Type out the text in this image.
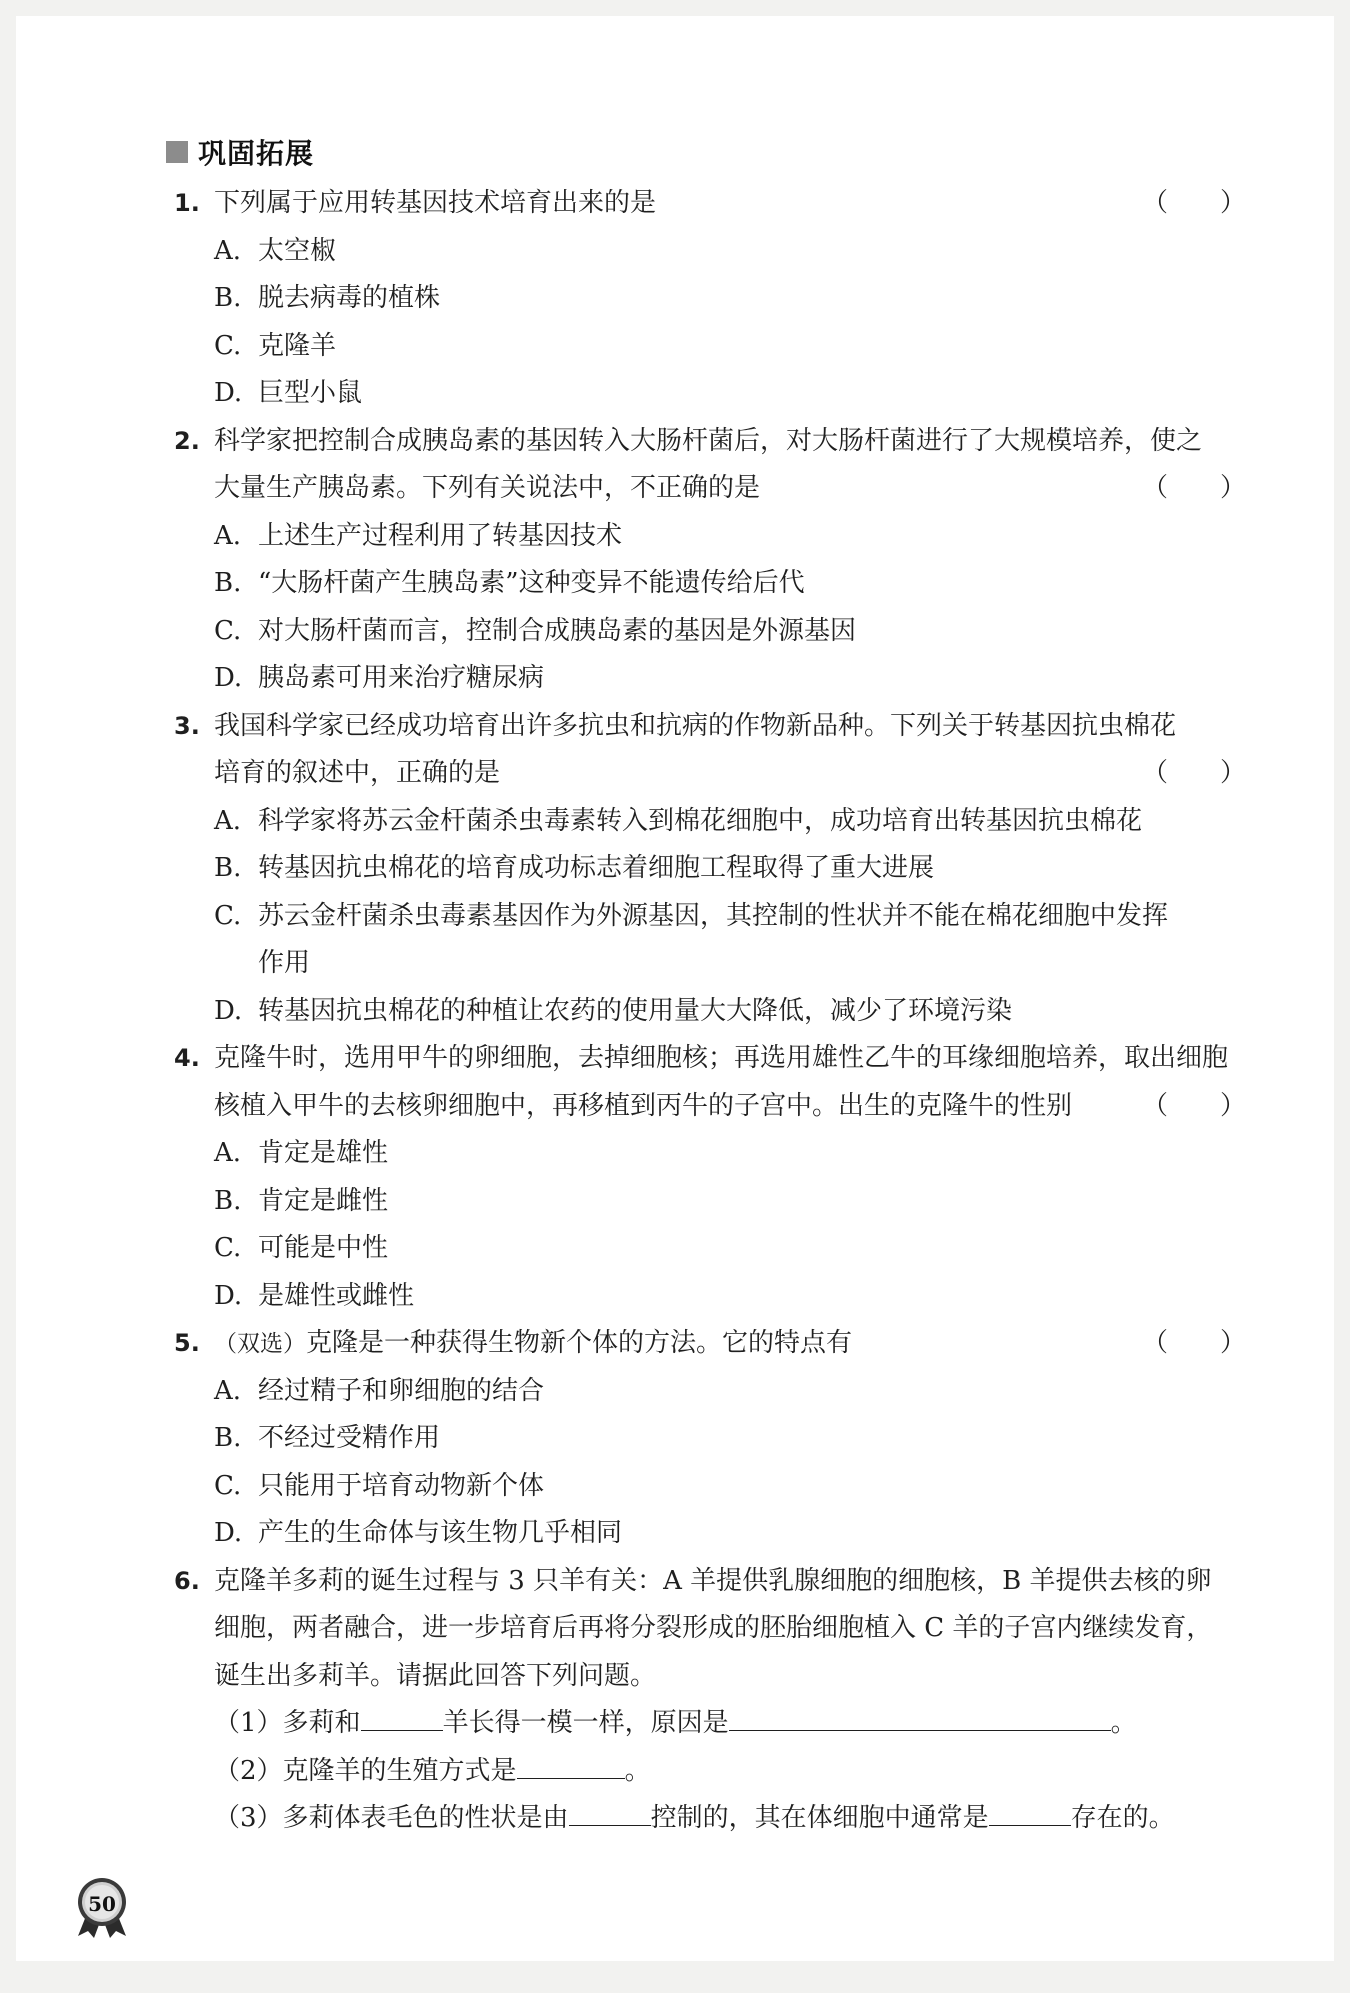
巩固拓展
1. 下列属于应用转基因技术培育出来的是	（　　）
A. 太空椒
B. 脱去病毒的植株
C. 克隆羊
D. 巨型小鼠
2. 科学家把控制合成胰岛素的基因转入大肠杆菌后，对大肠杆菌进行了大规模培养，使之
大量生产胰岛素。下列有关说法中，不正确的是	（　　）
A. 上述生产过程利用了转基因技术
B. “大肠杆菌产生胰岛素”这种变异不能遗传给后代
C. 对大肠杆菌而言，控制合成胰岛素的基因是外源基因
D. 胰岛素可用来治疗糖尿病
3. 我国科学家已经成功培育出许多抗虫和抗病的作物新品种。下列关于转基因抗虫棉花
培育的叙述中，正确的是	（　　）
A. 科学家将苏云金杆菌杀虫毒素转入到棉花细胞中，成功培育出转基因抗虫棉花
B. 转基因抗虫棉花的培育成功标志着细胞工程取得了重大进展
C. 苏云金杆菌杀虫毒素基因作为外源基因，其控制的性状并不能在棉花细胞中发挥
作用
D. 转基因抗虫棉花的种植让农药的使用量大大降低，减少了环境污染
4. 克隆牛时，选用甲牛的卵细胞，去掉细胞核；再选用雄性乙牛的耳缘细胞培养，取出细胞
核植入甲牛的去核卵细胞中，再移植到丙牛的子宫中。出生的克隆牛的性别	（　　）
A. 肯定是雄性
B. 肯定是雌性
C. 可能是中性
D. 是雄性或雌性
5. （双选）克隆是一种获得生物新个体的方法。它的特点有	（　　）
A. 经过精子和卵细胞的结合
B. 不经过受精作用
C. 只能用于培育动物新个体
D. 产生的生命体与该生物几乎相同
6. 克隆羊多莉的诞生过程与 3 只羊有关：A 羊提供乳腺细胞的细胞核，B 羊提供去核的卵
细胞，两者融合，进一步培育后再将分裂形成的胚胎细胞植入 C 羊的子宫内继续发育，
诞生出多莉羊。请据此回答下列问题。
（1）多莉和	羊长得一模一样，原因是	。
（2）克隆羊的生殖方式是	。
（3）多莉体表毛色的性状是由	控制的，其在体细胞中通常是	存在的。
50
